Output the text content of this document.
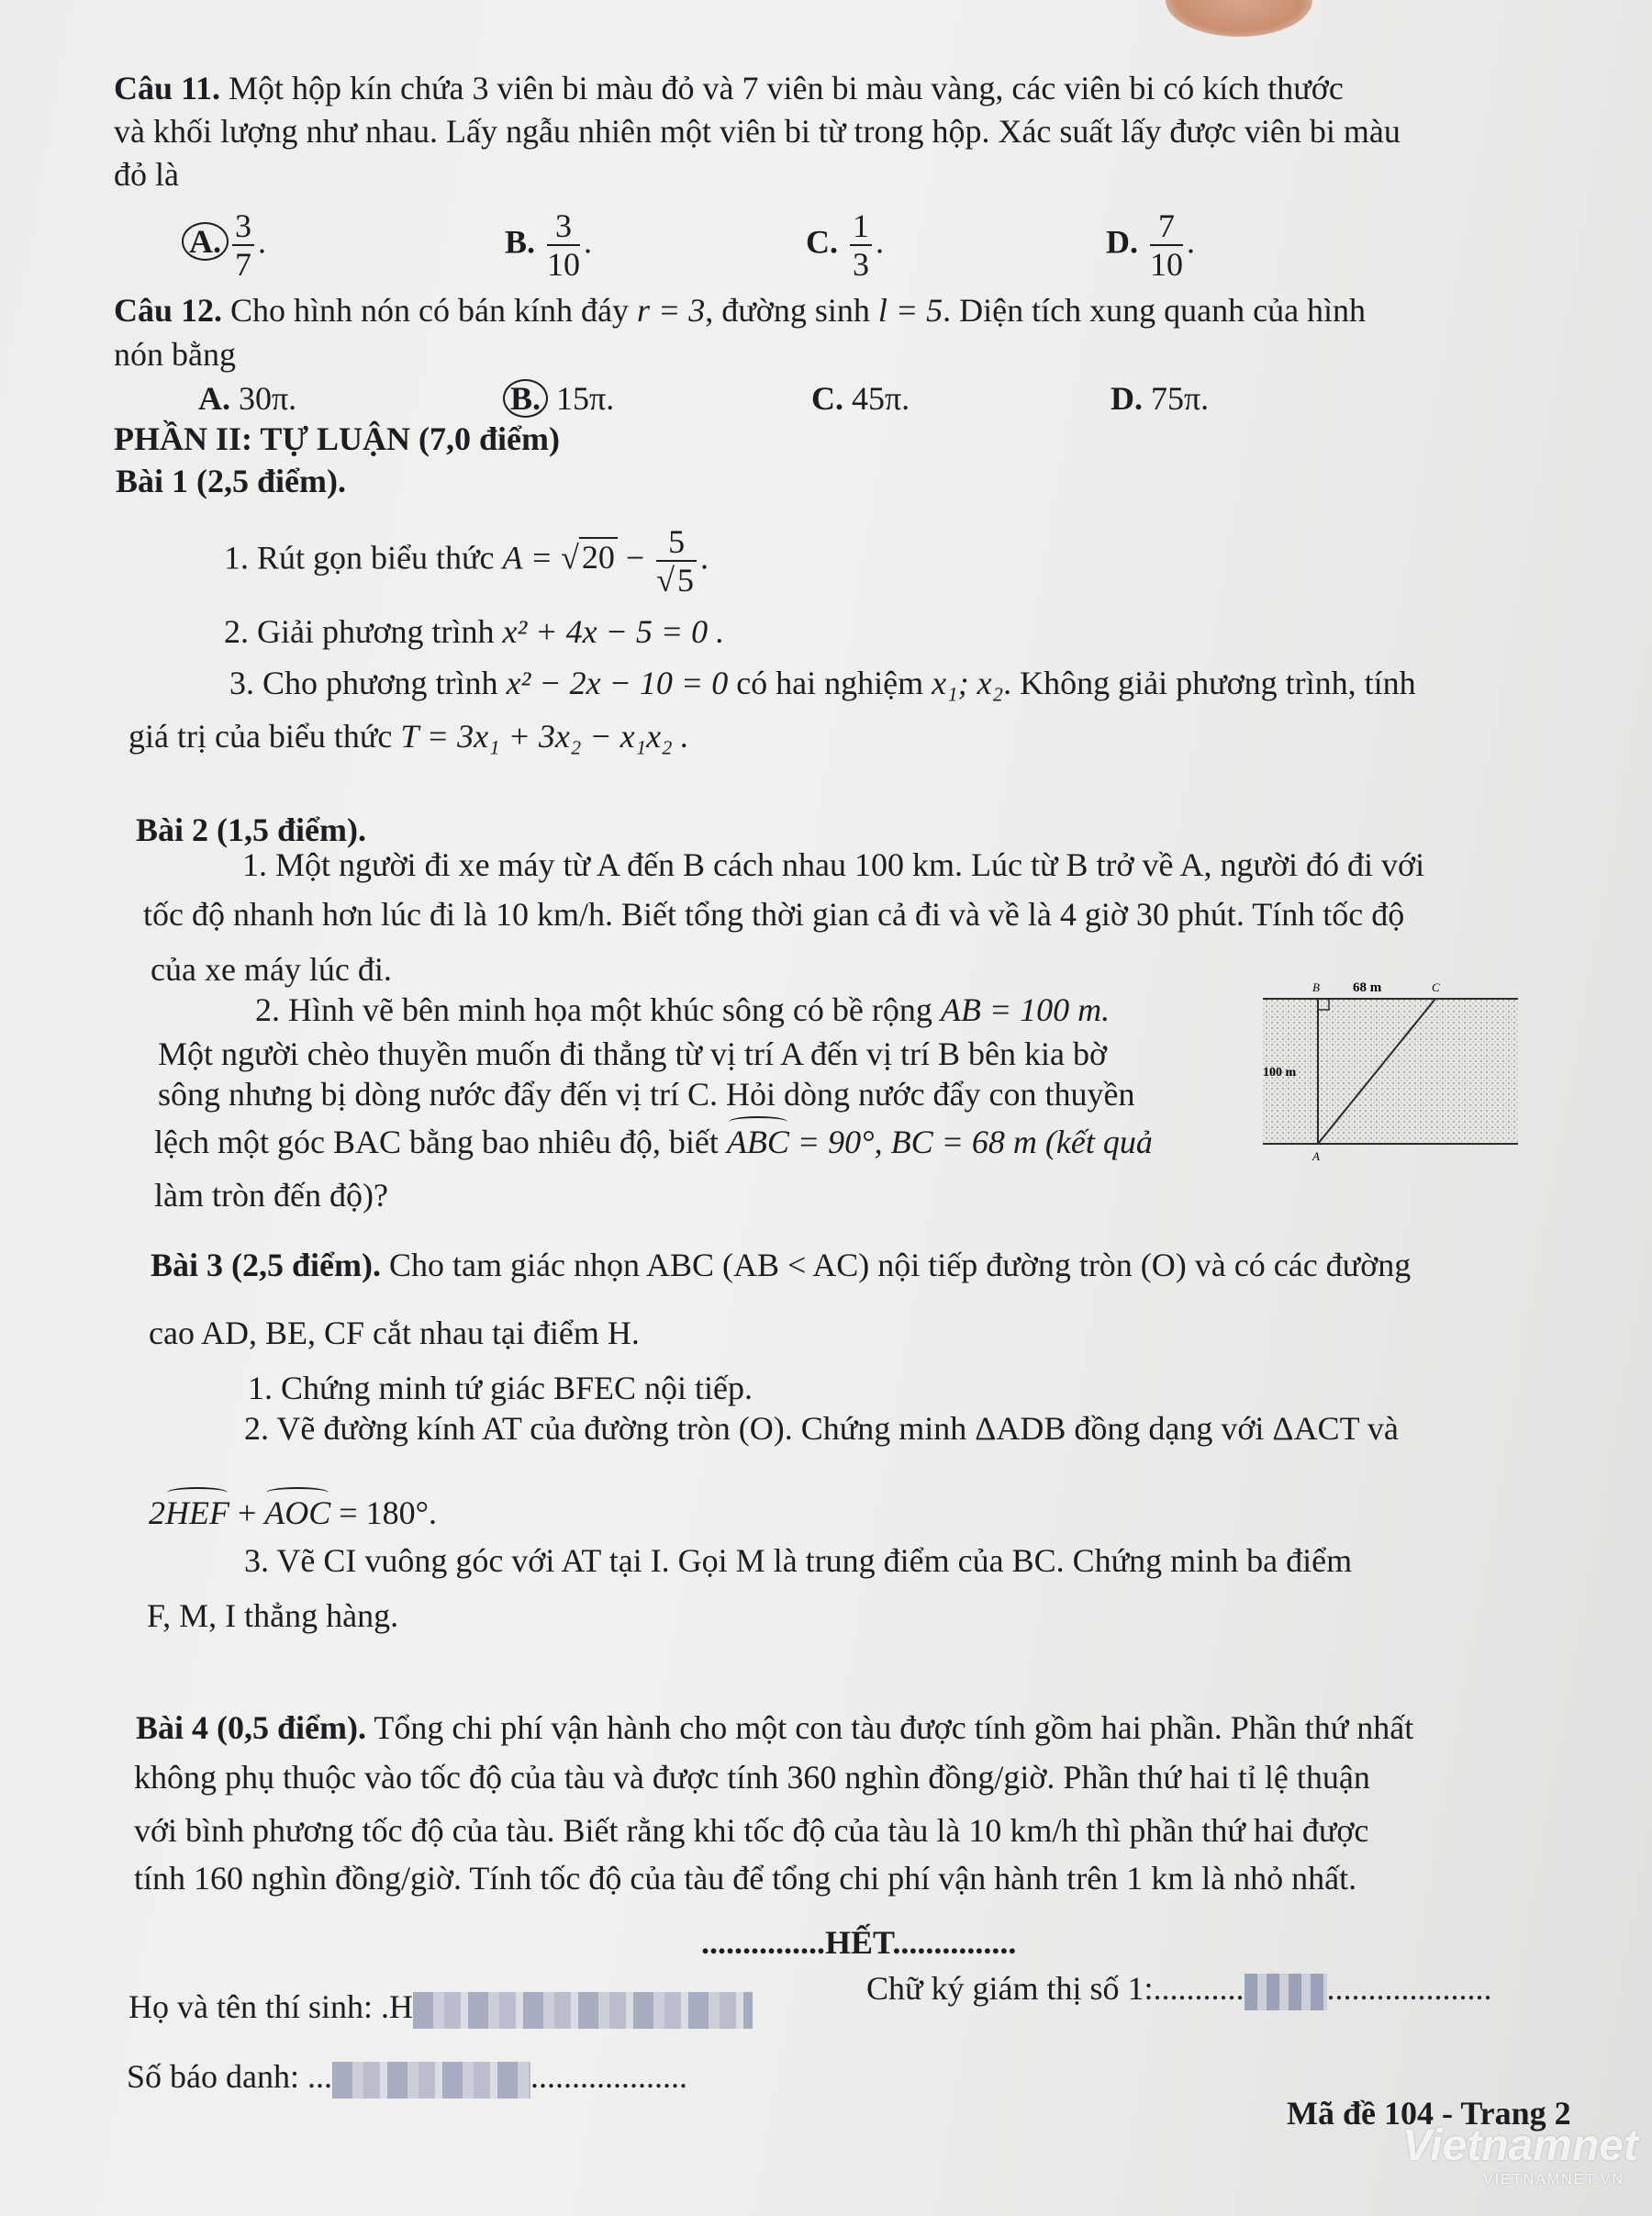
Câu 11. Một hộp kín chứa 3 viên bi màu đỏ và 7 viên bi màu vàng, các viên bi có kích thước
và khối lượng như nhau. Lấy ngẫu nhiên một viên bi từ trong hộp. Xác suất lấy được viên bi màu
đỏ là
A. $\frac{3}{7}$ .	B. $\frac{3}{10}$ .	C. $\frac{1}{3}$ .	D. $\frac{7}{10}$ .
Câu 12. Cho hình nón có bán kính đáy r = 3, đường sinh l = 5. Diện tích xung quanh của hình
nón bằng
A. 30π.	B. 15π.	C. 45π.	D. 75π.
PHẦN II: TỰ LUẬN (7,0 điểm)
Bài 1 (2,5 điểm).
1. Rút gọn biểu thức $A = √20 - \frac{5}{√5}$ .
2. Giải phương trình x² + 4x − 5 = 0 .
3. Cho phương trình x² − 2x − 10 = 0 có hai nghiệm x₁; x₂. Không giải phương trình, tính
giá trị của biểu thức T = 3x₁ + 3x₂ − x₁x₂ .
Bài 2 (1,5 điểm).
1. Một người đi xe máy từ A đến B cách nhau 100 km. Lúc từ B trở về A, người đó đi với
tốc độ nhanh hơn lúc đi là 10 km/h. Biết tổng thời gian cả đi và về là 4 giờ 30 phút. Tính tốc độ
của xe máy lúc đi.
2. Hình vẽ bên minh họa một khúc sông có bề rộng AB = 100 m.
Một người chèo thuyền muốn đi thẳng từ vị trí A đến vị trí B bên kia bờ
sông nhưng bị dòng nước đẩy đến vị trí C. Hỏi dòng nước đẩy con thuyền
lệch một góc BAC bằng bao nhiêu độ, biết ABC = 90°, BC = 68 m (kết quả
làm tròn đến độ)?
B 68 m	C
100 m
A
Bài 3 (2,5 điểm). Cho tam giác nhọn ABC (AB < AC) nội tiếp đường tròn (O) và có các đường
cao AD, BE, CF cắt nhau tại điểm H.
1. Chứng minh tứ giác BFEC nội tiếp.
2. Vẽ đường kính AT của đường tròn (O). Chứng minh ΔADB đồng dạng với ΔACT và
2HEF + AOC = 180°.
3. Vẽ CI vuông góc với AT tại I. Gọi M là trung điểm của BC. Chứng minh ba điểm
F, M, I thẳng hàng.
Bài 4 (0,5 điểm). Tổng chi phí vận hành cho một con tàu được tính gồm hai phần. Phần thứ nhất
không phụ thuộc vào tốc độ của tàu và được tính 360 nghìn đồng/giờ. Phần thứ hai tỉ lệ thuận
với bình phương tốc độ của tàu. Biết rằng khi tốc độ của tàu là 10 km/h thì phần thứ hai được
tính 160 nghìn đồng/giờ. Tính tốc độ của tàu để tổng chi phí vận hành trên 1 km là nhỏ nhất.
...............HẾT...............
Họ và tên thí sinh: .H	Chữ ký giám thị số 1:...........	....................
Số báo danh: ...	...................
Mã đề 104 - Trang 2
Vietnamnet
VIETNAMNET.VN
